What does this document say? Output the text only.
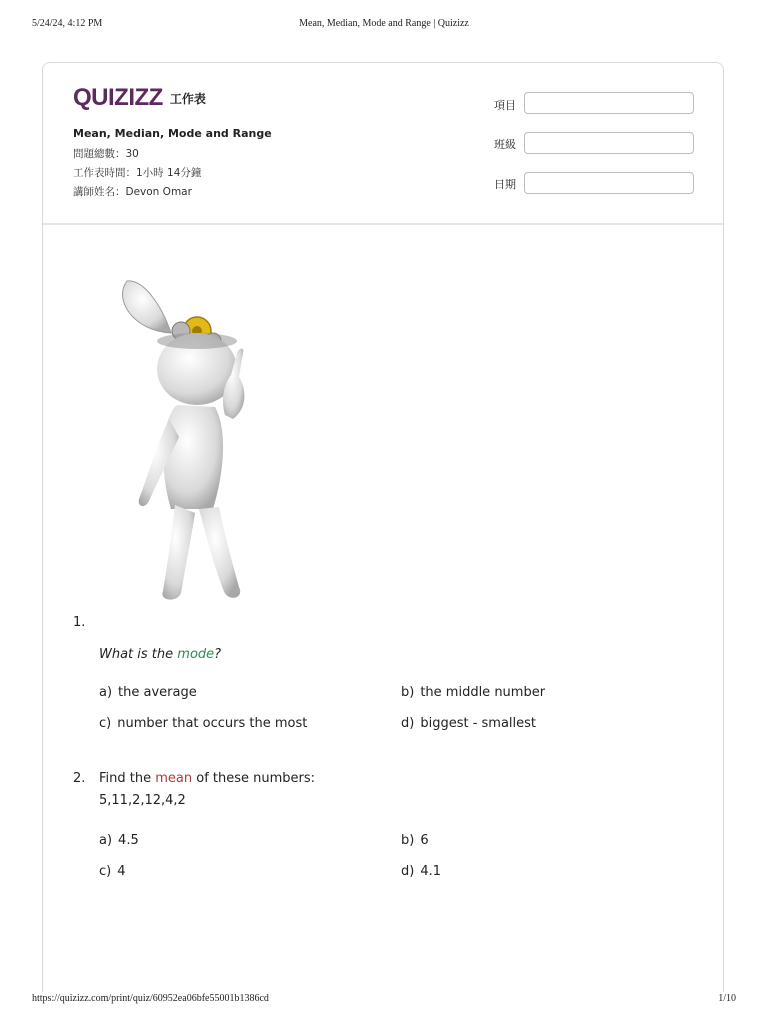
5/24/24, 4:12 PM	Mean, Median, Mode and Range | Quizizz
QUIZIZZ 工作表
Mean, Median, Mode and Range
問題總數：30
工作表時間：1小時 14分鐘
講師姓名：Devon Omar
項目
班級
日期
1.
What is the mode?
a) the average	b) the middle number
c) number that occurs the most	d) biggest - smallest
2. Find the mean of these numbers:
5,11,2,12,4,2
a) 4.5	b) 6
c) 4	d) 4.1
https://quizizz.com/print/quiz/60952ea06bfe55001b1386cd	1/10
